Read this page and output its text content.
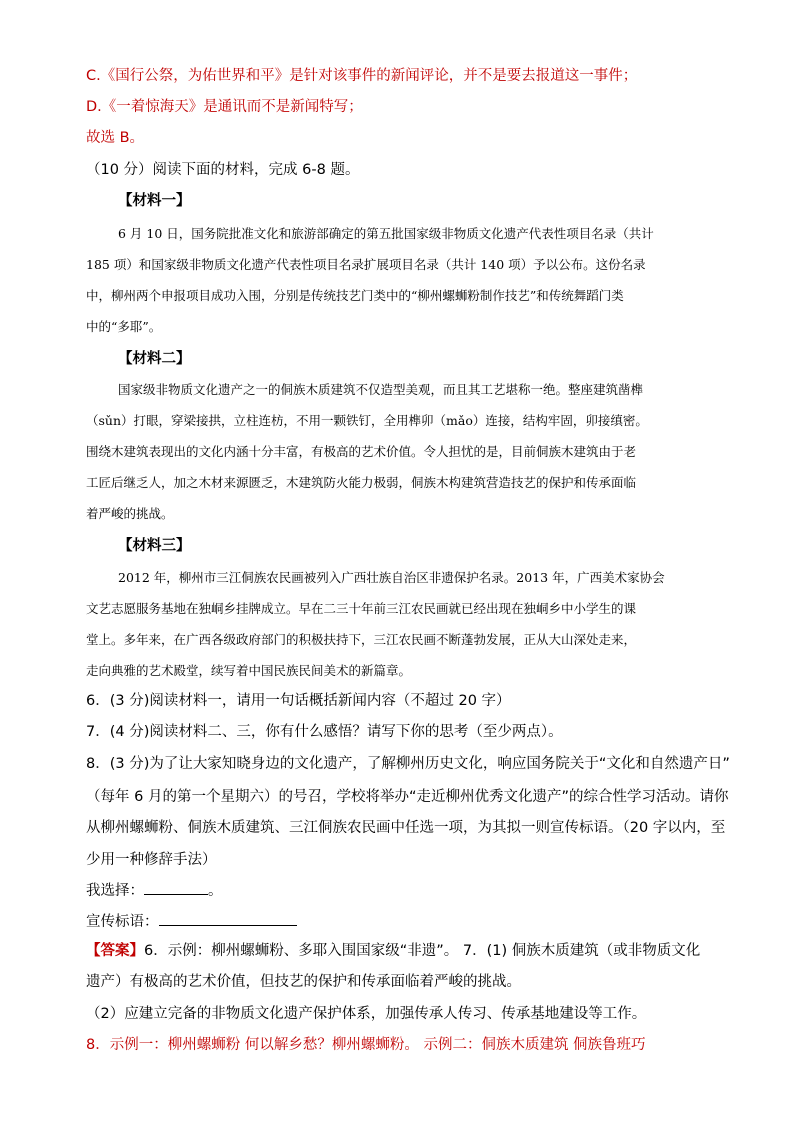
C.《国行公祭，为佑世界和平》是针对该事件的新闻评论，并不是要去报道这一事件；
D.《一着惊海天》是通讯而不是新闻特写；
故选 B。
（10 分）阅读下面的材料，完成 6-8 题。
【材料一】
6 月 10 日，国务院批准文化和旅游部确定的第五批国家级非物质文化遗产代表性项目名录（共计
185 项）和国家级非物质文化遗产代表性项目名录扩展项目名录（共计 140 项）予以公布。这份名录
中，柳州两个申报项目成功入围，分别是传统技艺门类中的“柳州螺蛳粉制作技艺”和传统舞蹈门类
中的“多耶”。
【材料二】
国家级非物质文化遗产之一的侗族木质建筑不仅造型美观，而且其工艺堪称一绝。整座建筑凿榫
（sǔn）打眼，穿梁接拱，立柱连枋，不用一颗铁钉，全用榫卯（mǎo）连接，结构牢固，卯接缜密。
围绕木建筑表现出的文化内涵十分丰富，有极高的艺术价值。令人担忧的是，目前侗族木建筑由于老
工匠后继乏人，加之木材来源匮乏，木建筑防火能力极弱，侗族木构建筑营造技艺的保护和传承面临
着严峻的挑战。
【材料三】
2012 年，柳州市三江侗族农民画被列入广西壮族自治区非遗保护名录。2013 年，广西美术家协会
文艺志愿服务基地在独峒乡挂牌成立。早在二三十年前三江农民画就已经出现在独峒乡中小学生的课
堂上。多年来，在广西各级政府部门的积极扶持下，三江农民画不断蓬勃发展，正从大山深处走来，
走向典雅的艺术殿堂，续写着中国民族民间美术的新篇章。
6．(3 分)阅读材料一，请用一句话概括新闻内容（不超过 20 字）
7．(4 分)阅读材料二、三，你有什么感悟？请写下你的思考（至少两点）。
8．(3 分)为了让大家知晓身边的文化遗产，了解柳州历史文化，响应国务院关于“文化和自然遗产日”
（每年 6 月的第一个星期六）的号召，学校将举办“走近柳州优秀文化遗产”的综合性学习活动。请你
从柳州螺蛳粉、侗族木质建筑、三江侗族农民画中任选一项，为其拟一则宣传标语。（20 字以内，至
少用一种修辞手法）
我选择：	。
宣传标语：
【答案】6．示例：柳州螺蛳粉、多耶入围国家级“非遗”。 7．(1) 侗族木质建筑（或非物质文化
遗产）有极高的艺术价值，但技艺的保护和传承面临着严峻的挑战。
（2）应建立完备的非物质文化遗产保护体系，加强传承人传习、传承基地建设等工作。
8．示例一：柳州螺蛳粉 何以解乡愁？柳州螺蛳粉。 示例二：侗族木质建筑 侗族鲁班巧
